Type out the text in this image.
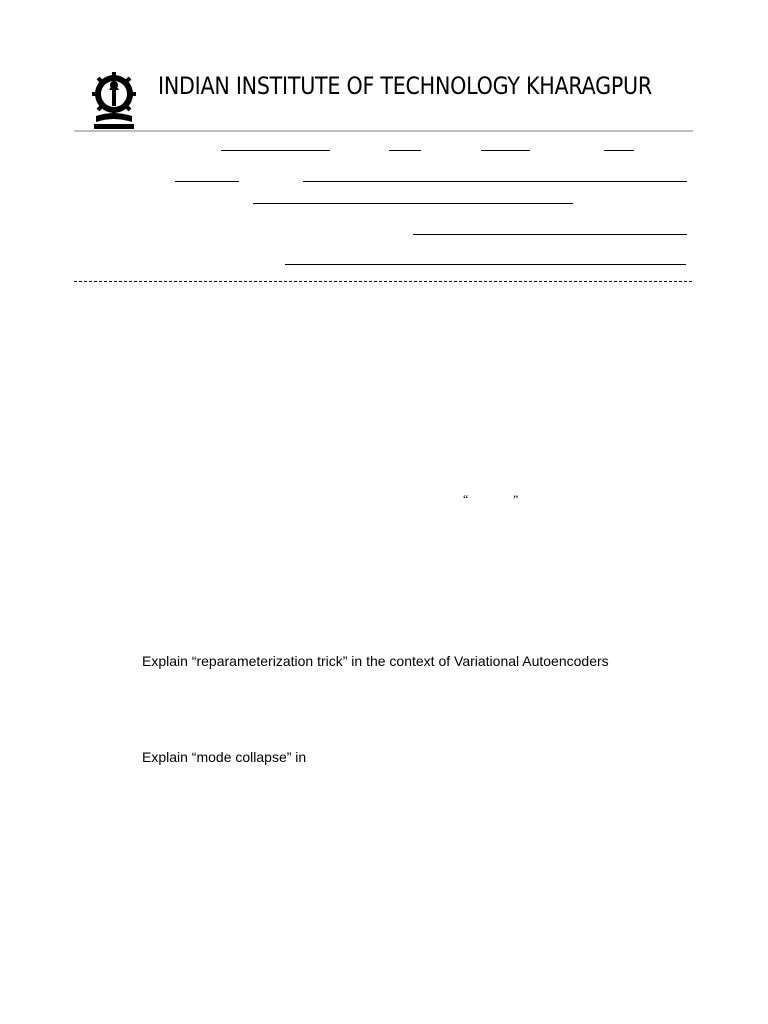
INDIAN INSTITUTE OF TECHNOLOGY KHARAGPUR
“	”
Explain “reparameterization trick” in the context of Variational Autoencoders
Explain “mode collapse” in
